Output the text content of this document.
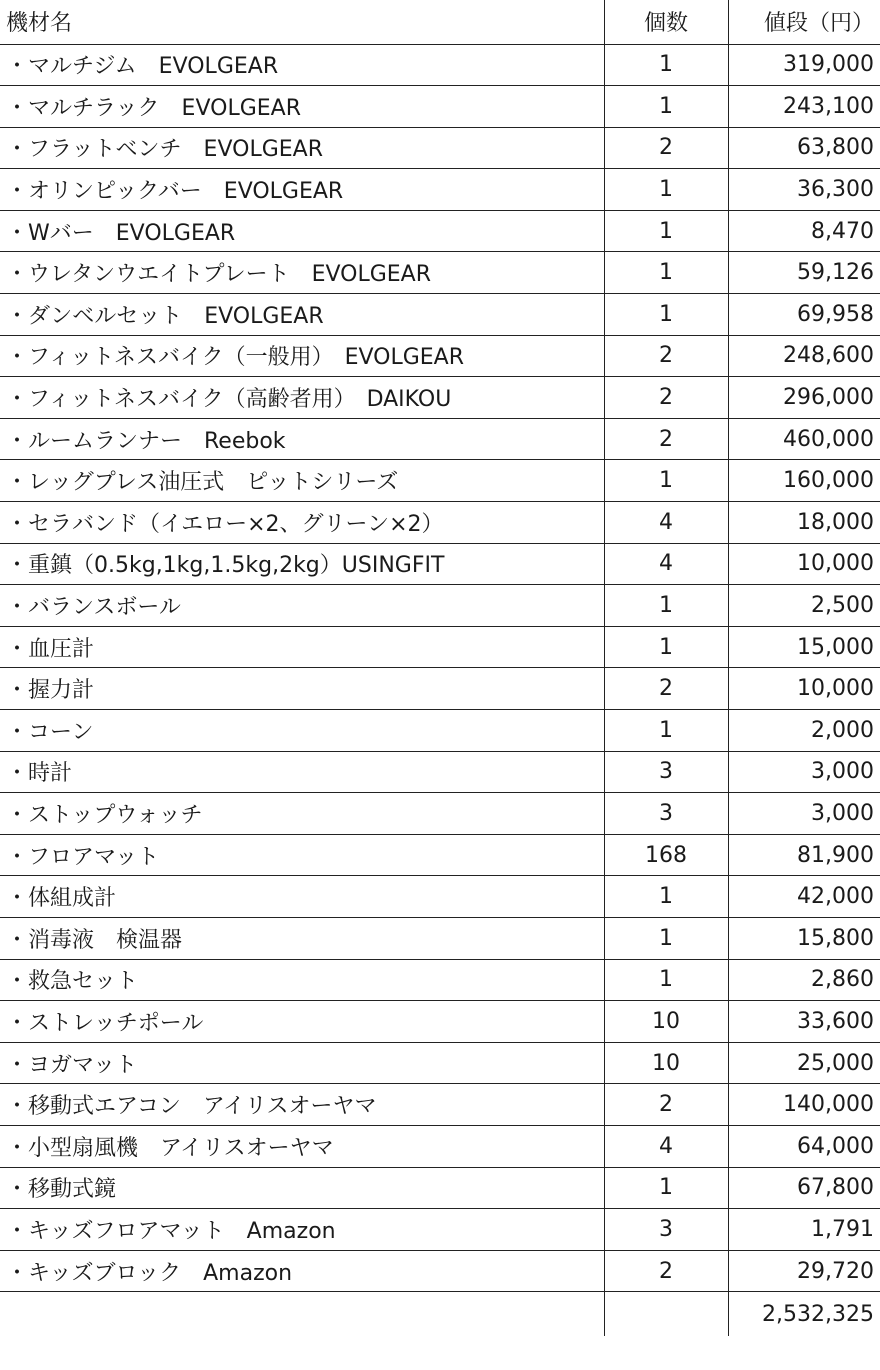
機材名	個数	値段（円）
・マルチジム　EVOLGEAR	1	319,000
・マルチラック　EVOLGEAR	1	243,100
・フラットベンチ　EVOLGEAR	2	63,800
・オリンピックバー　EVOLGEAR	1	36,300
・Wバー　EVOLGEAR	1	8,470
・ウレタンウエイトプレート　EVOLGEAR	1	59,126
・ダンベルセット　EVOLGEAR	1	69,958
・フィットネスバイク（一般用）　EVOLGEAR	2	248,600
・フィットネスバイク（高齢者用）　DAIKOU	2	296,000
・ルームランナー　Reebok	2	460,000
・レッグプレス油圧式　ピットシリーズ	1	160,000
・セラバンド（イエロー×2、グリーン×2）	4	18,000
・重鎮（0.5kg,1kg,1.5kg,2kg）USINGFIT	4	10,000
・バランスボール	1	2,500
・血圧計	1	15,000
・握力計	2	10,000
・コーン	1	2,000
・時計	3	3,000
・ストップウォッチ	3	3,000
・フロアマット	168	81,900
・体組成計	1	42,000
・消毒液　検温器	1	15,800
・救急セット	1	2,860
・ストレッチポール	10	33,600
・ヨガマット	10	25,000
・移動式エアコン　アイリスオーヤマ	2	140,000
・小型扇風機　アイリスオーヤマ	4	64,000
・移動式鏡	1	67,800
・キッズフロアマット　Amazon	3	1,791
・キッズブロック　Amazon	2	29,720
		2,532,325
